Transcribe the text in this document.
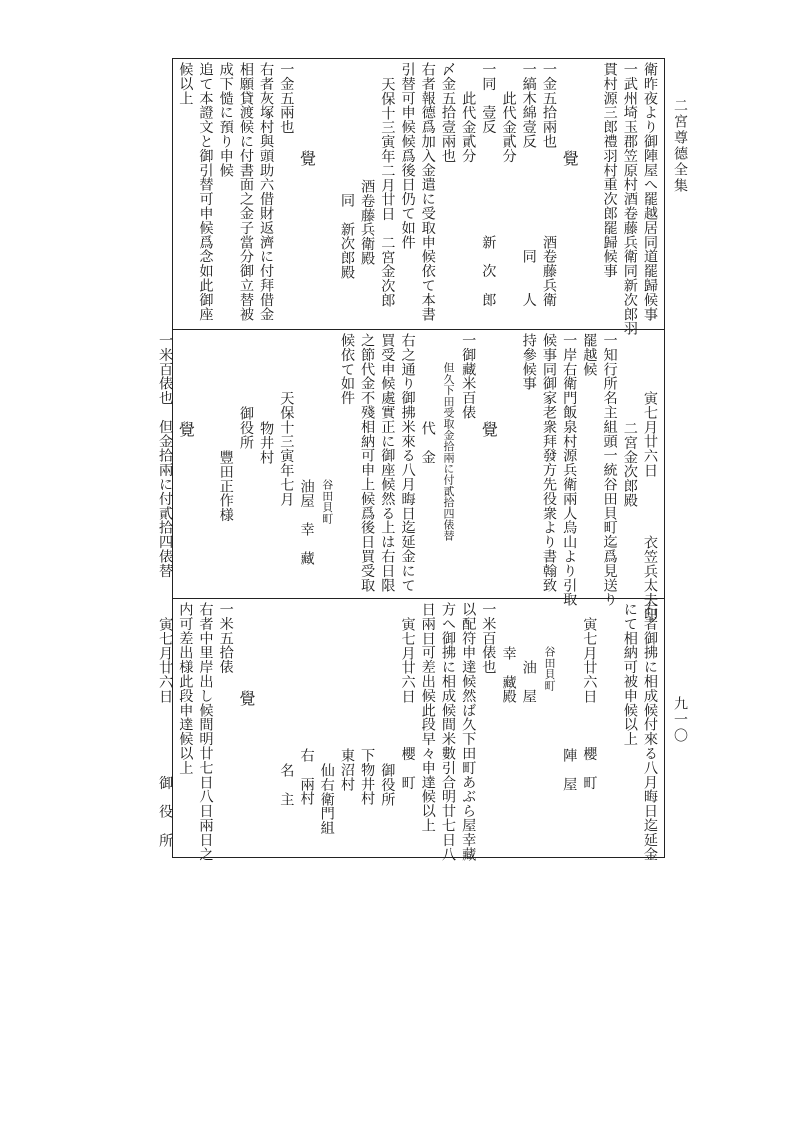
二宮尊德全集
九一〇
衛昨夜より御陣屋へ罷越居同道罷歸候事
一武州埼玉郡笠原村酒卷藤兵衛同新次郎羽
貫村源三郎禮羽村重次郎罷歸候事

覺
一金五拾兩也　　　　　　酒卷藤兵衛
一縞木綿壹反　　　　　　　同　　人
此代金貳分
一同　壹反　　　　　　　新　次　郎
此代金貳分
〆金五拾壹兩也
右者報德爲加入金遣に受取申候依て本書
引替可申候候爲後日仍て如件
天保十三寅年二月廿日　二宮金次郎
酒卷藤兵衛殿
同　新次郎殿

覺
一金五兩也
右者灰塚村與頭助六借財返濟に付拜借金
相願貸渡候に付書面之金子當分御立替被
成下慥に預り申候
追て本證文と御引替可申候爲念如此御座
候以上
寅七月廿六日　　　　衣笠兵太夫印
二宮金次郎殿
一知行所名主組頭一統谷田貝町迄爲見送り
罷越候
一岸右衛門飯泉村源兵衛兩人烏山より引取
候事同御家老衆拜發方先役衆より書翰致
持參候事

覺
一御藏米百俵
但久下田受取金拾兩に付貳拾四俵替
代　金
右之通り御拂米來る八月晦日迄延金にて
買受申候處實正に御座候然る上は右日限
之節代金不殘相納可申上候爲後日買受取
候依て如件
谷田貝町
油屋　幸　藏
天保十三寅年七月
物井村
御役所
豐田正作様

覺
一米百俵也　但金拾兩に付貳拾四俵替
右者御拂に相成候付來る八月晦日迄延金
にて相納可被申候以上

寅七月廿六日　　　櫻　町
陣　屋
谷田貝町
油　屋
幸　藏殿
一米百俵也
以配符申達候然ば久下田町あぶら屋幸藏
方へ御拂に相成候間米數引合明廿七日八
日兩日可差出候此段早々申達候以上
寅七月廿六日　　　櫻　町
御役所
下物井村
東沼村
仙右衛門組
右　兩村
名　主

覺
一米五拾俵
右者中里岸出し候間明廿七日八日兩日之
内可差出様此段申達候以上
寅七月廿六日　　　　　御　役　所
